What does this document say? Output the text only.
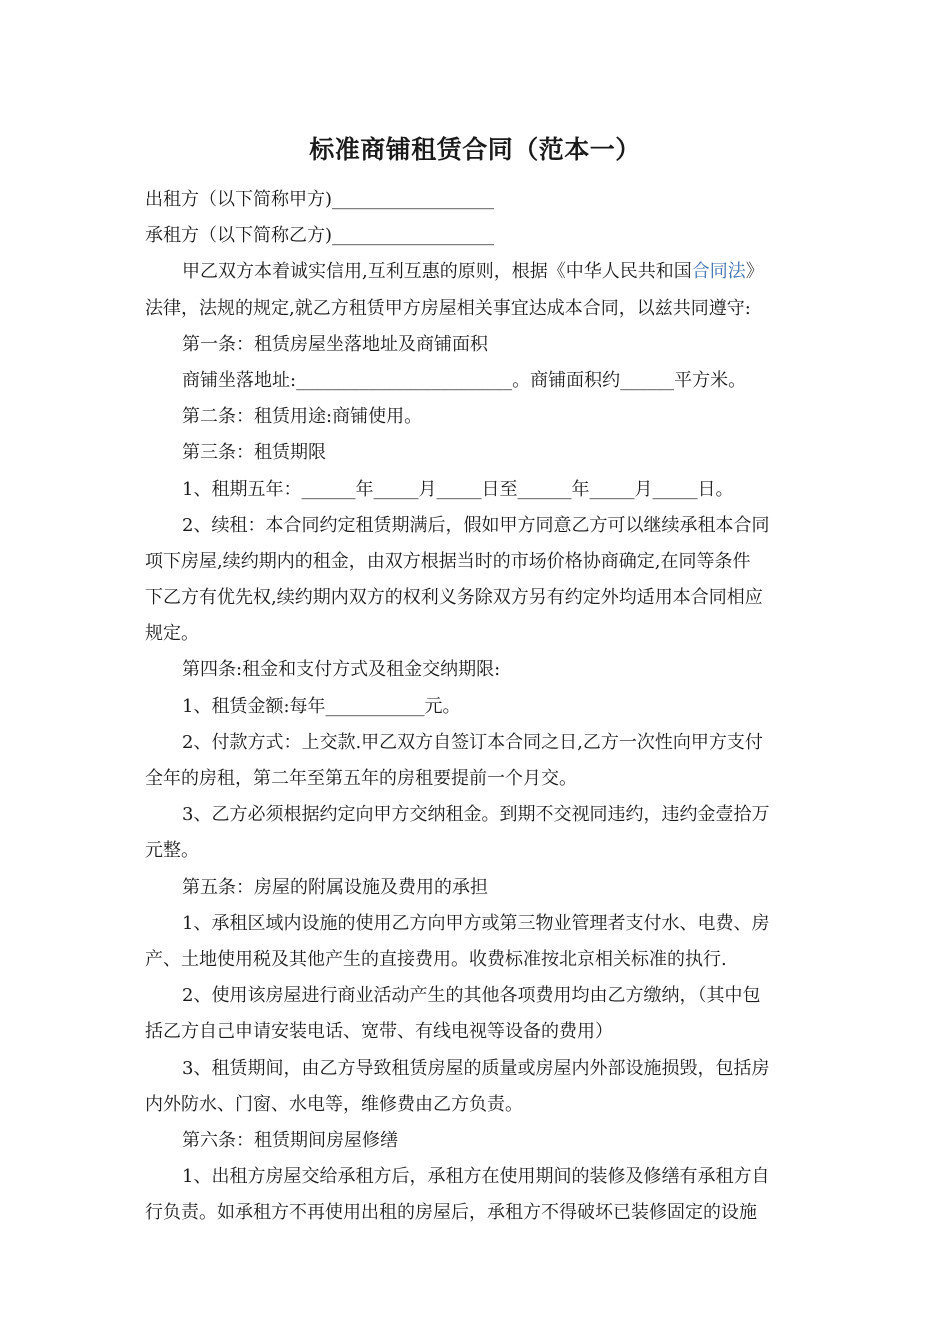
标准商铺租赁合同（范本一）
出租方（以下简称甲方)__________________
承租方（以下简称乙方)__________________
甲乙双方本着诚实信用,互利互惠的原则，根据《中华人民共和国合同法》
法律，法规的规定,就乙方租赁甲方房屋相关事宜达成本合同，以兹共同遵守:
第一条：租赁房屋坐落地址及商铺面积
商铺坐落地址:________________________。商铺面积约______平方米。
第二条：租赁用途:商铺使用。
第三条：租赁期限
1、租期五年：______年_____月_____日至______年_____月_____日。
2、续租：本合同约定租赁期满后，假如甲方同意乙方可以继续承租本合同
项下房屋,续约期内的租金，由双方根据当时的市场价格协商确定,在同等条件
下乙方有优先权,续约期内双方的权利义务除双方另有约定外均适用本合同相应
规定。
第四条:租金和支付方式及租金交纳期限:
1、租赁金额:每年___________元。
2、付款方式：上交款.甲乙双方自签订本合同之日,乙方一次性向甲方支付
全年的房租，第二年至第五年的房租要提前一个月交。
3、乙方必须根据约定向甲方交纳租金。到期不交视同违约，违约金壹拾万
元整。
第五条：房屋的附属设施及费用的承担
1、承租区域内设施的使用乙方向甲方或第三物业管理者支付水、电费、房
产、土地使用税及其他产生的直接费用。收费标准按北京相关标准的执行.
2、使用该房屋进行商业活动产生的其他各项费用均由乙方缴纳，（其中包
括乙方自己申请安装电话、宽带、有线电视等设备的费用）
3、租赁期间，由乙方导致租赁房屋的质量或房屋内外部设施损毁，包括房
内外防水、门窗、水电等，维修费由乙方负责。
第六条：租赁期间房屋修缮
1、出租方房屋交给承租方后，承租方在使用期间的装修及修缮有承租方自
行负责。如承租方不再使用出租的房屋后，承租方不得破坏已装修固定的设施
